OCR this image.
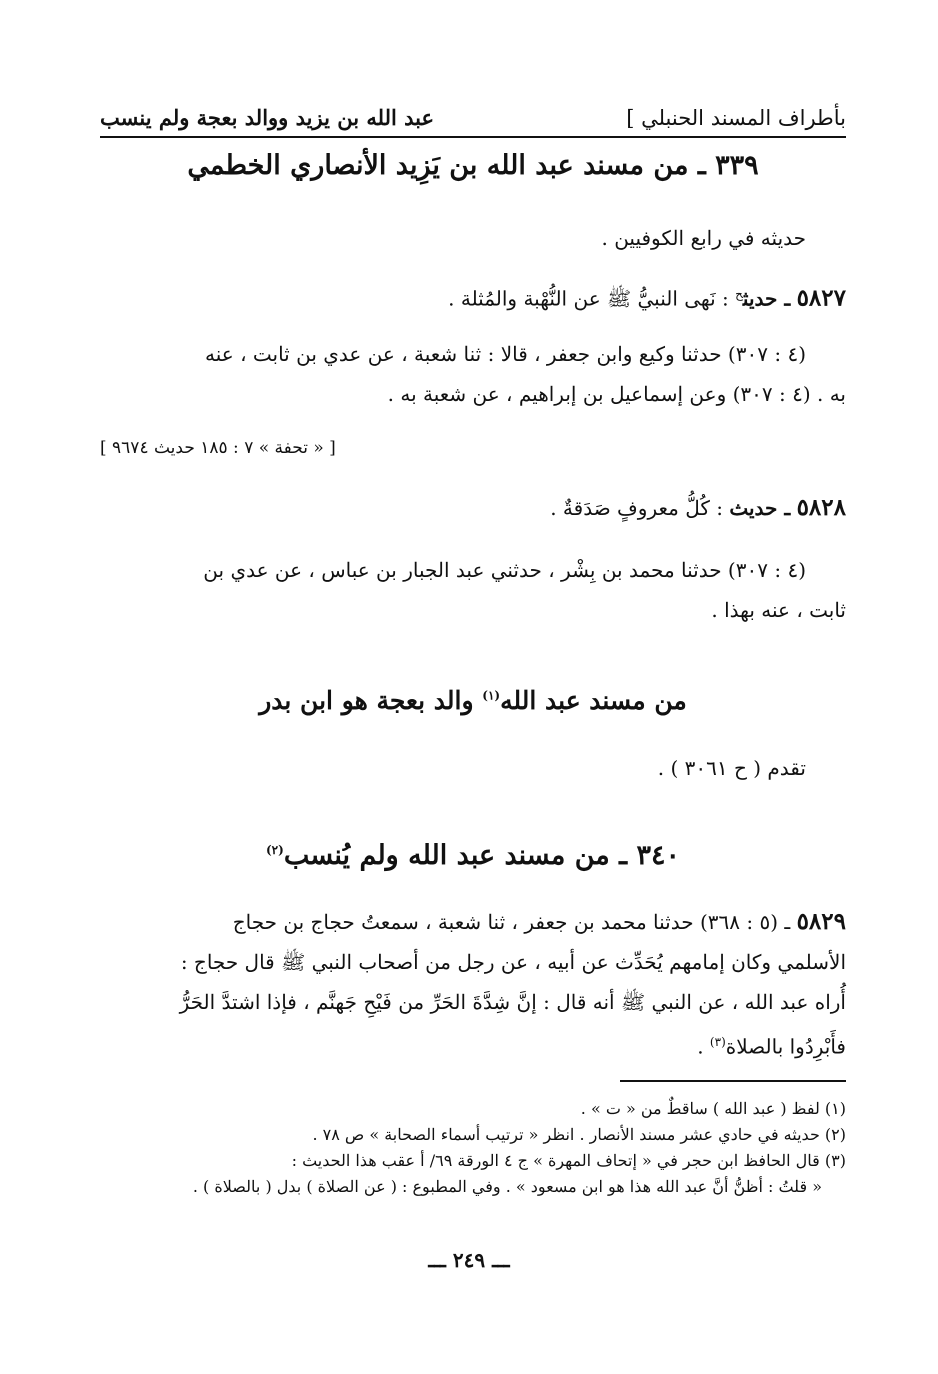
بأطراف المسند الحنبلي ]
عبد الله بن يزيد ووالد بعجة ولم ينسب
٣٣٩ ـ من مسند عبد الله بن يَزِيد الأنصاري الخطمي
حديثه في رابع الكوفيين .
٥٨٢٧ ـ حديث$^ح$ : نَهى النبيُّ ﷺ عن النُّهْبة والمُثلة .
(٤ : ٣٠٧) حدثنا وكيع وابن جعفر ، قالا : ثنا شعبة ، عن عدي بن ثابت ، عنه
به . (٤ : ٣٠٧) وعن إسماعيل بن إبراهيم ، عن شعبة به .
[ « تحفة » ٧ : ١٨٥ حديث ٩٦٧٤ ]
٥٨٢٨ ـ حديث : كُلُّ معروفٍ صَدَقةٌ .
(٤ : ٣٠٧) حدثنا محمد بن بِشْر ، حدثني عبد الجبار بن عباس ، عن عدي بن
ثابت ، عنه بهذا .
من مسند عبد الله$^{(١)}$ والد بعجة هو ابن بدر
تقدم ( ح ٣٠٦١ ) .
٣٤٠ ـ من مسند عبد الله ولم يُنسب$^{(٢)}$
٥٨٢٩ ـ (٥ : ٣٦٨) حدثنا محمد بن جعفر ، ثنا شعبة ، سمعتُ حجاج بن حجاج
الأسلمي وكان إمامهم يُحَدِّث عن أبيه ، عن رجل من أصحاب النبي ﷺ قال حجاج :
أُراه عبد الله ، عن النبي ﷺ أنه قال : إنَّ شِدَّةَ الحَرِّ من فَيْحِ جَهنَّم ، فإذا اشتدَّ الحَرُّ
فأَبْرِدُوا بالصلاة$^{(٣)}$ .
(١) لفظ ( عبد الله ) ساقطٌ من « ت » .
(٢) حديثه في حادي عشر مسند الأنصار . انظر « ترتيب أسماء الصحابة » ص ٧٨ .
(٣) قال الحافظ ابن حجر في « إتحاف المهرة » ج ٤ الورقة ٦٩/ أ عقب هذا الحديث :
« قلتُ : أظنُّ أنَّ عبد الله هذا هو ابن مسعود » . وفي المطبوع : ( عن الصلاة ) بدل ( بالصلاة ) .
ـــ ٢٤٩ ـــ
